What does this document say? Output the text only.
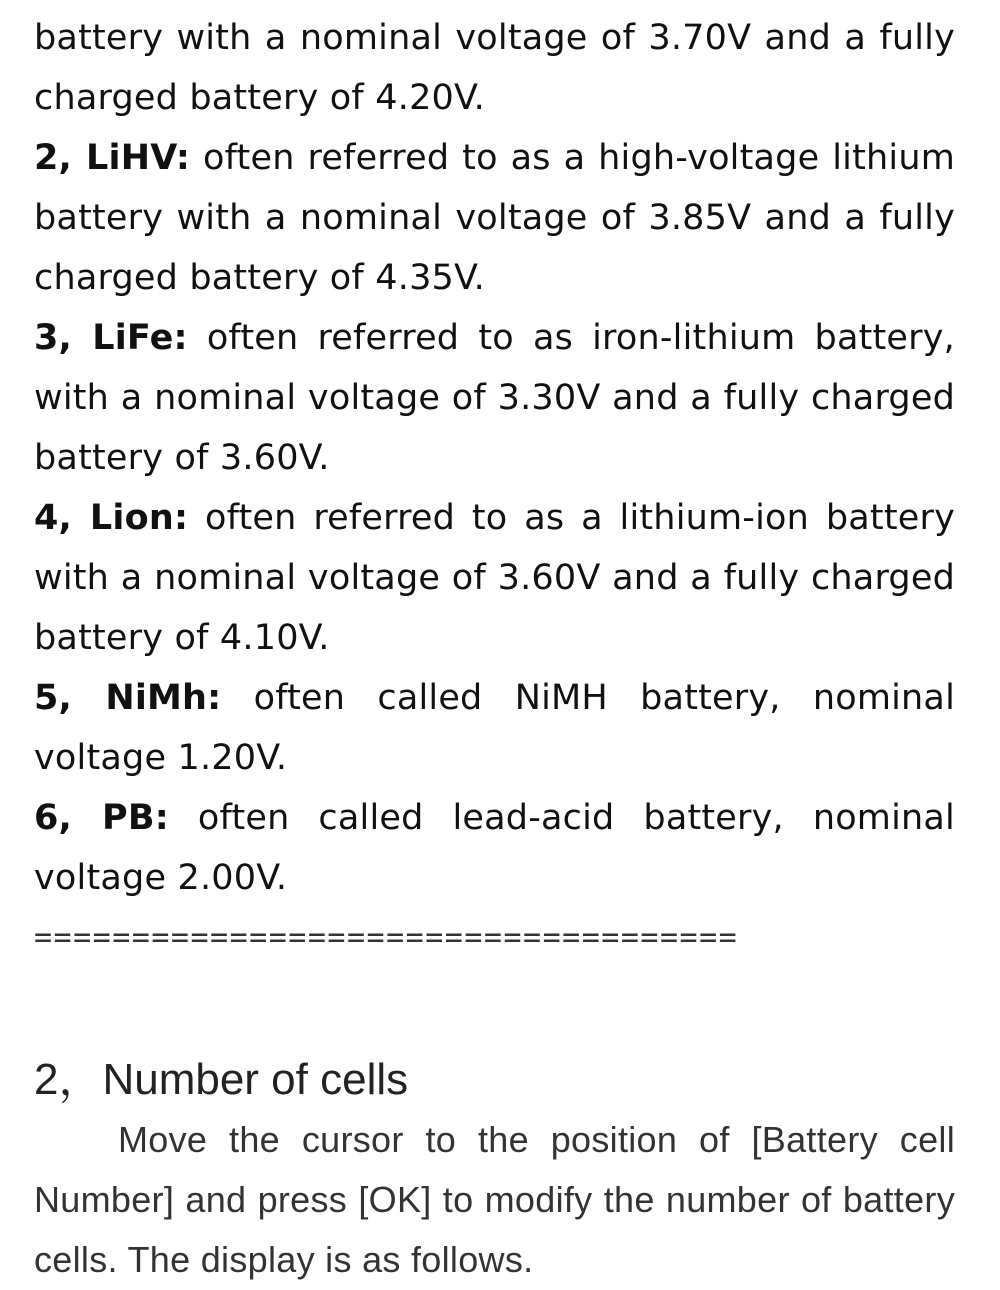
battery with a nominal voltage of 3.70V and a fully charged battery of 4.20V.

2, LiHV: often referred to as a high-voltage lithium battery with a nominal voltage of 3.85V and a fully charged battery of 4.35V.

3, LiFe: often referred to as iron-lithium battery, with a nominal voltage of 3.30V and a fully charged battery of 3.60V.

4, Lion: often referred to as a lithium-ion battery with a nominal voltage of 3.60V and a fully charged battery of 4.10V.

5, NiMh: often called NiMH battery, nominal voltage 1.20V.

6, PB: often called lead-acid battery, nominal voltage 2.00V.

====================================
2，Number of cells

Move the cursor to the position of [Battery cell Number] and press [OK] to modify the number of battery cells. The display is as follows.
